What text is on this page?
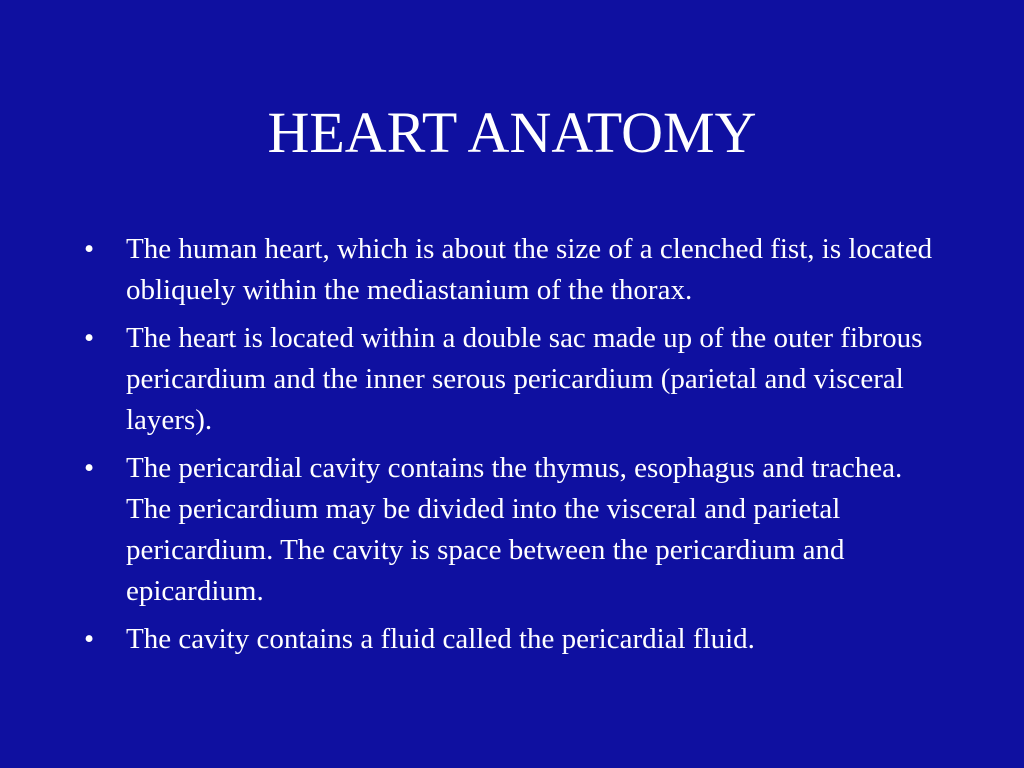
HEART ANATOMY
•	The human heart, which is about the size of a clenched fist, is located obliquely within the mediastanium of the thorax.
•	The heart is located within a double sac made up of the outer fibrous pericardium and the inner serous pericardium (parietal and visceral layers).
•	The pericardial cavity contains the thymus, esophagus and trachea. The pericardium may be divided into the visceral and parietal pericardium. The cavity is space between the pericardium and epicardium.
•	The cavity contains a fluid called the pericardial fluid.
